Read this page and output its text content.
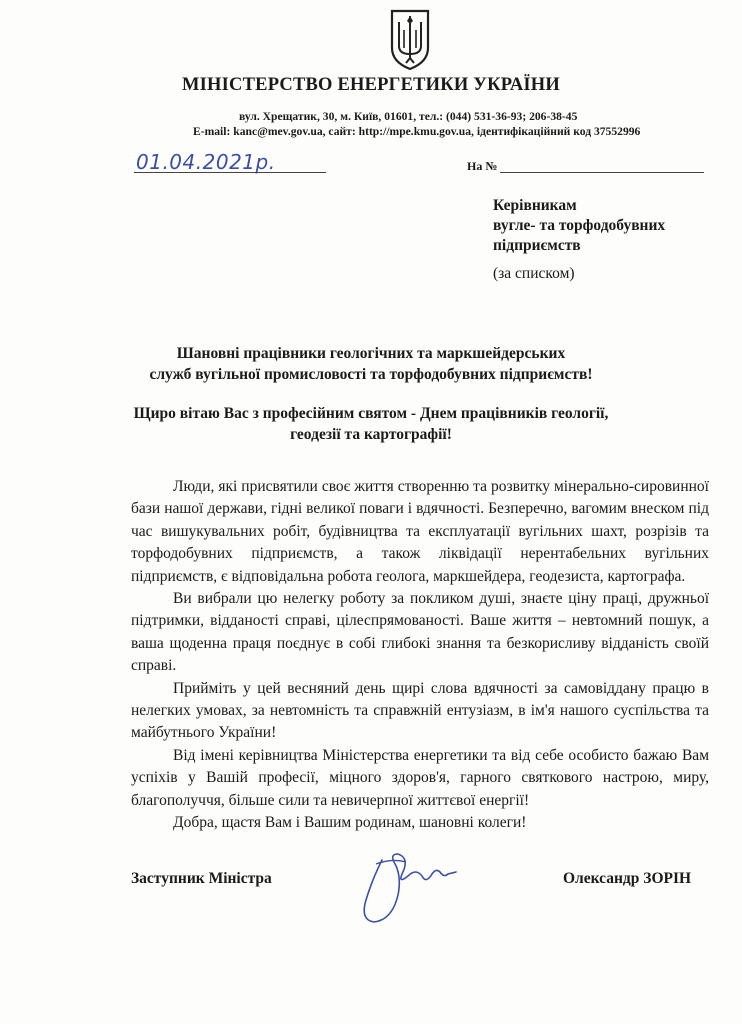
МІНІСТЕРСТВО ЕНЕРГЕТИКИ УКРАЇНИ
вул. Хрещатик, 30, м. Київ, 01601, тел.: (044) 531-36-93; 206-38-45
E-mail: kanc@mev.gov.ua, сайт: http://mpe.kmu.gov.ua, ідентифікаційний код 37552996
01.04.2021р.	На №
Керівникам
вугле- та торфодобувних
підприємств
(за списком)
Шановні працівники геологічних та маркшейдерських
служб вугільної промисловості та торфодобувних підприємств!
Щиро вітаю Вас з професійним святом - Днем працівників геології,
геодезії та картографії!

Люди, які присвятили своє життя створенню та розвитку мінерально-сировинної бази нашої держави, гідні великої поваги і вдячності. Безперечно, вагомим внеском під час вишукувальних робіт, будівництва та експлуатації вугільних шахт, розрізів та торфодобувних підприємств, а також ліквідації нерентабельних вугільних підприємств, є відповідальна робота геолога, маркшейдера, геодезиста, картографа.

Ви вибрали цю нелегку роботу за покликом душі, знаєте ціну праці, дружньої підтримки, відданості справі, цілеспрямованості. Ваше життя – невтомний пошук, а ваша щоденна праця поєднує в собі глибокі знання та безкорисливу відданість своїй справі.

Прийміть у цей весняний день щирі слова вдячності за самовіддану працю в нелегких умовах, за невтомність та справжній ентузіазм, в ім'я нашого суспільства та майбутнього України!

Від імені керівництва Міністерства енергетики та від себе особисто бажаю Вам успіхів у Вашій професії, міцного здоров'я, гарного святкового настрою, миру, благополуччя, більше сили та невичерпної життєвої енергії!

Добра, щастя Вам і Вашим родинам, шановні колеги!

Заступник Міністра	Олександр ЗОРІН
